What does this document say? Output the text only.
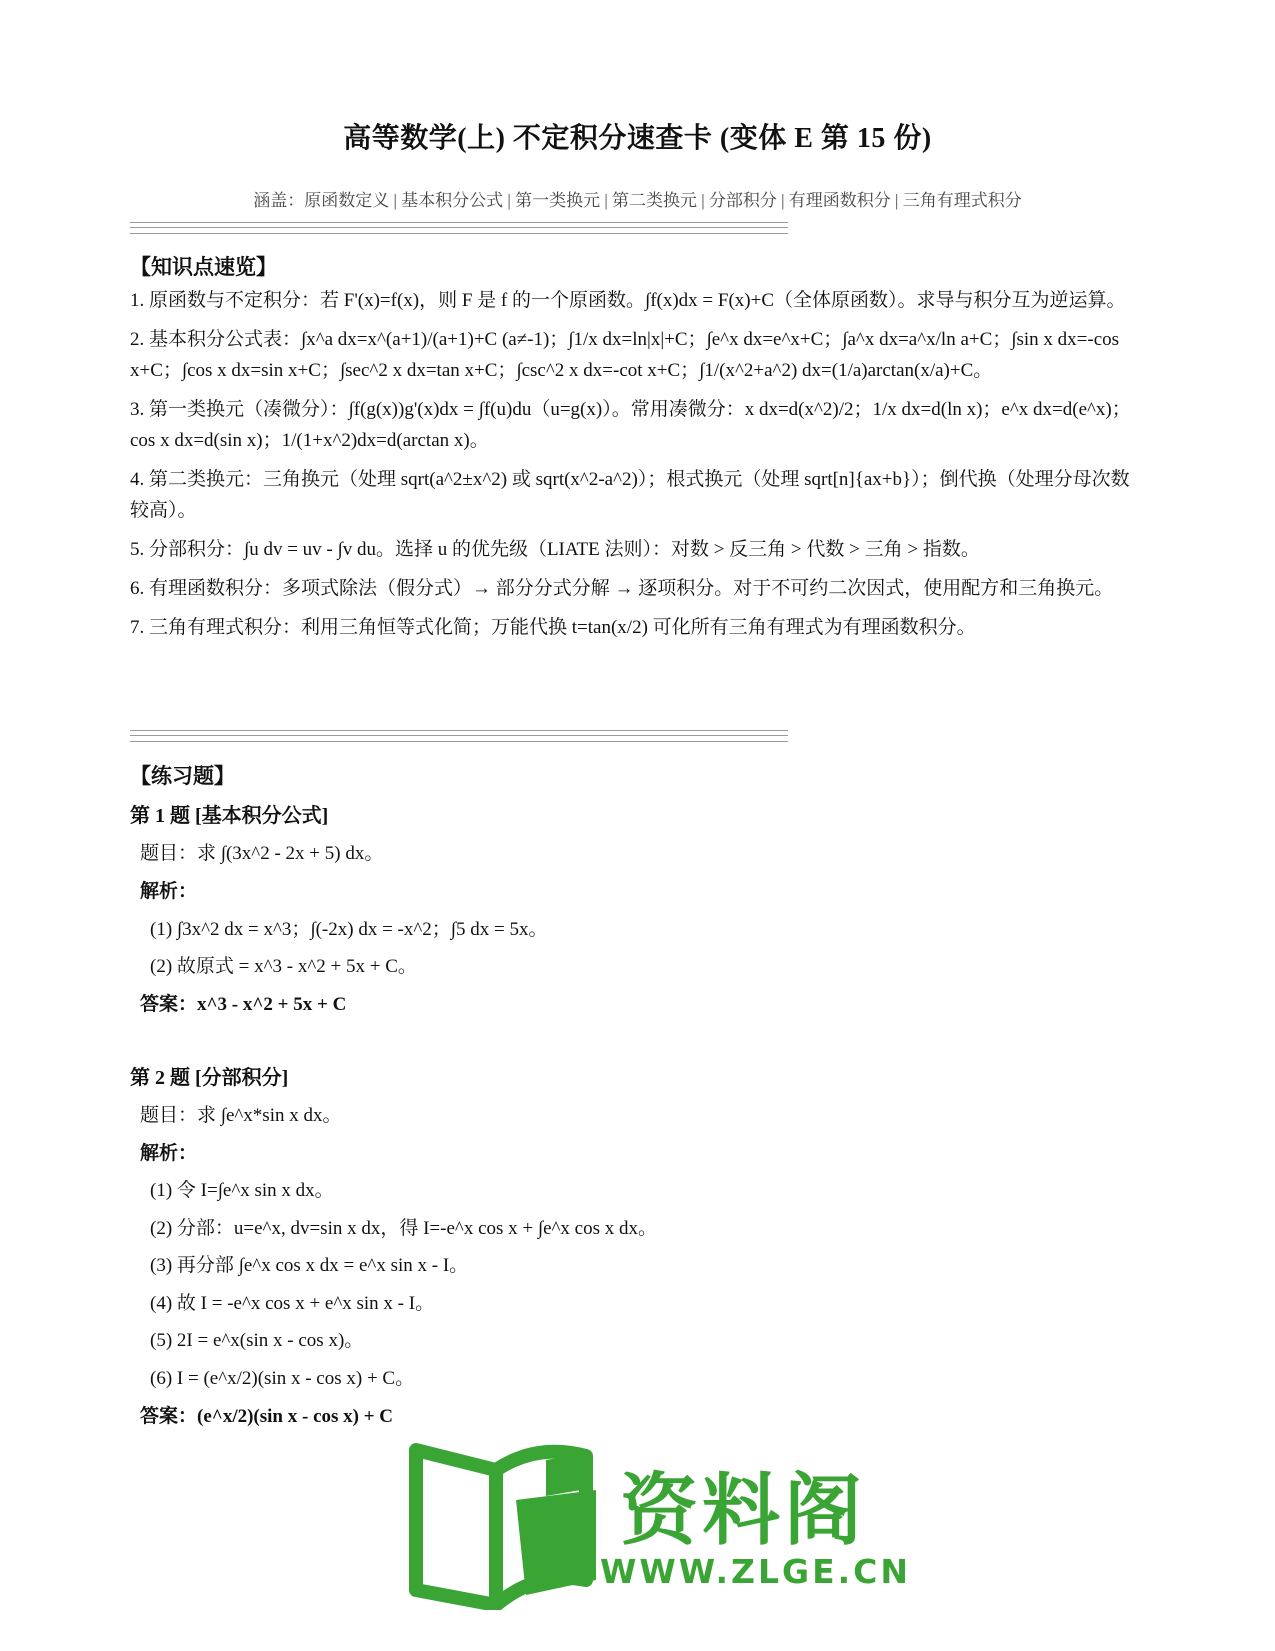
高等数学(上) 不定积分速查卡 (变体 E 第 15 份)
涵盖：原函数定义 | 基本积分公式 | 第一类换元 | 第二类换元 | 分部积分 | 有理函数积分 | 三角有理式积分
【知识点速览】

1. 原函数与不定积分：若 F'(x)=f(x)，则 F 是 f 的一个原函数。∫f(x)dx = F(x)+C（全体原函数）。求导与积分互为逆运算。

2. 基本积分公式表：∫x^a dx=x^(a+1)/(a+1)+C (a≠-1)；∫1/x dx=ln|x|+C；∫e^x dx=e^x+C；∫a^x dx=a^x/ln a+C；∫sin x dx=-cos x+C；∫cos x dx=sin x+C；∫sec^2 x dx=tan x+C；∫csc^2 x dx=-cot x+C；∫1/(x^2+a^2) dx=(1/a)arctan(x/a)+C。

3. 第一类换元（凑微分）：∫f(g(x))g'(x)dx = ∫f(u)du（u=g(x)）。常用凑微分：x dx=d(x^2)/2；1/x dx=d(ln x)；e^x dx=d(e^x)；cos x dx=d(sin x)；1/(1+x^2)dx=d(arctan x)。

4. 第二类换元：三角换元（处理 sqrt(a^2±x^2) 或 sqrt(x^2-a^2)）；根式换元（处理 sqrt[n]{ax+b}）；倒代换（处理分母次数较高）。

5. 分部积分：∫u dv = uv - ∫v du。选择 u 的优先级（LIATE 法则）：对数 > 反三角 > 代数 > 三角 > 指数。

6. 有理函数积分：多项式除法（假分式）→ 部分分式分解 → 逐项积分。对于不可约二次因式，使用配方和三角换元。

7. 三角有理式积分：利用三角恒等式化简；万能代换 t=tan(x/2) 可化所有三角有理式为有理函数积分。

【练习题】
第 1 题 [基本积分公式]
题目：求 ∫(3x^2 - 2x + 5) dx。
解析：
(1) ∫3x^2 dx = x^3；∫(-2x) dx = -x^2；∫5 dx = 5x。
(2) 故原式 = x^3 - x^2 + 5x + C。
答案：x^3 - x^2 + 5x + C
第 2 题 [分部积分]
题目：求 ∫e^x*sin x dx。
解析：
(1) 令 I=∫e^x sin x dx。
(2) 分部：u=e^x, dv=sin x dx，得 I=-e^x cos x + ∫e^x cos x dx。
(3) 再分部 ∫e^x cos x dx = e^x sin x - I。
(4) 故 I = -e^x cos x + e^x sin x - I。
(5) 2I = e^x(sin x - cos x)。
(6) I = (e^x/2)(sin x - cos x) + C。
答案：(e^x/2)(sin x - cos x) + C
资料阁
WWW.ZLGE.CN
